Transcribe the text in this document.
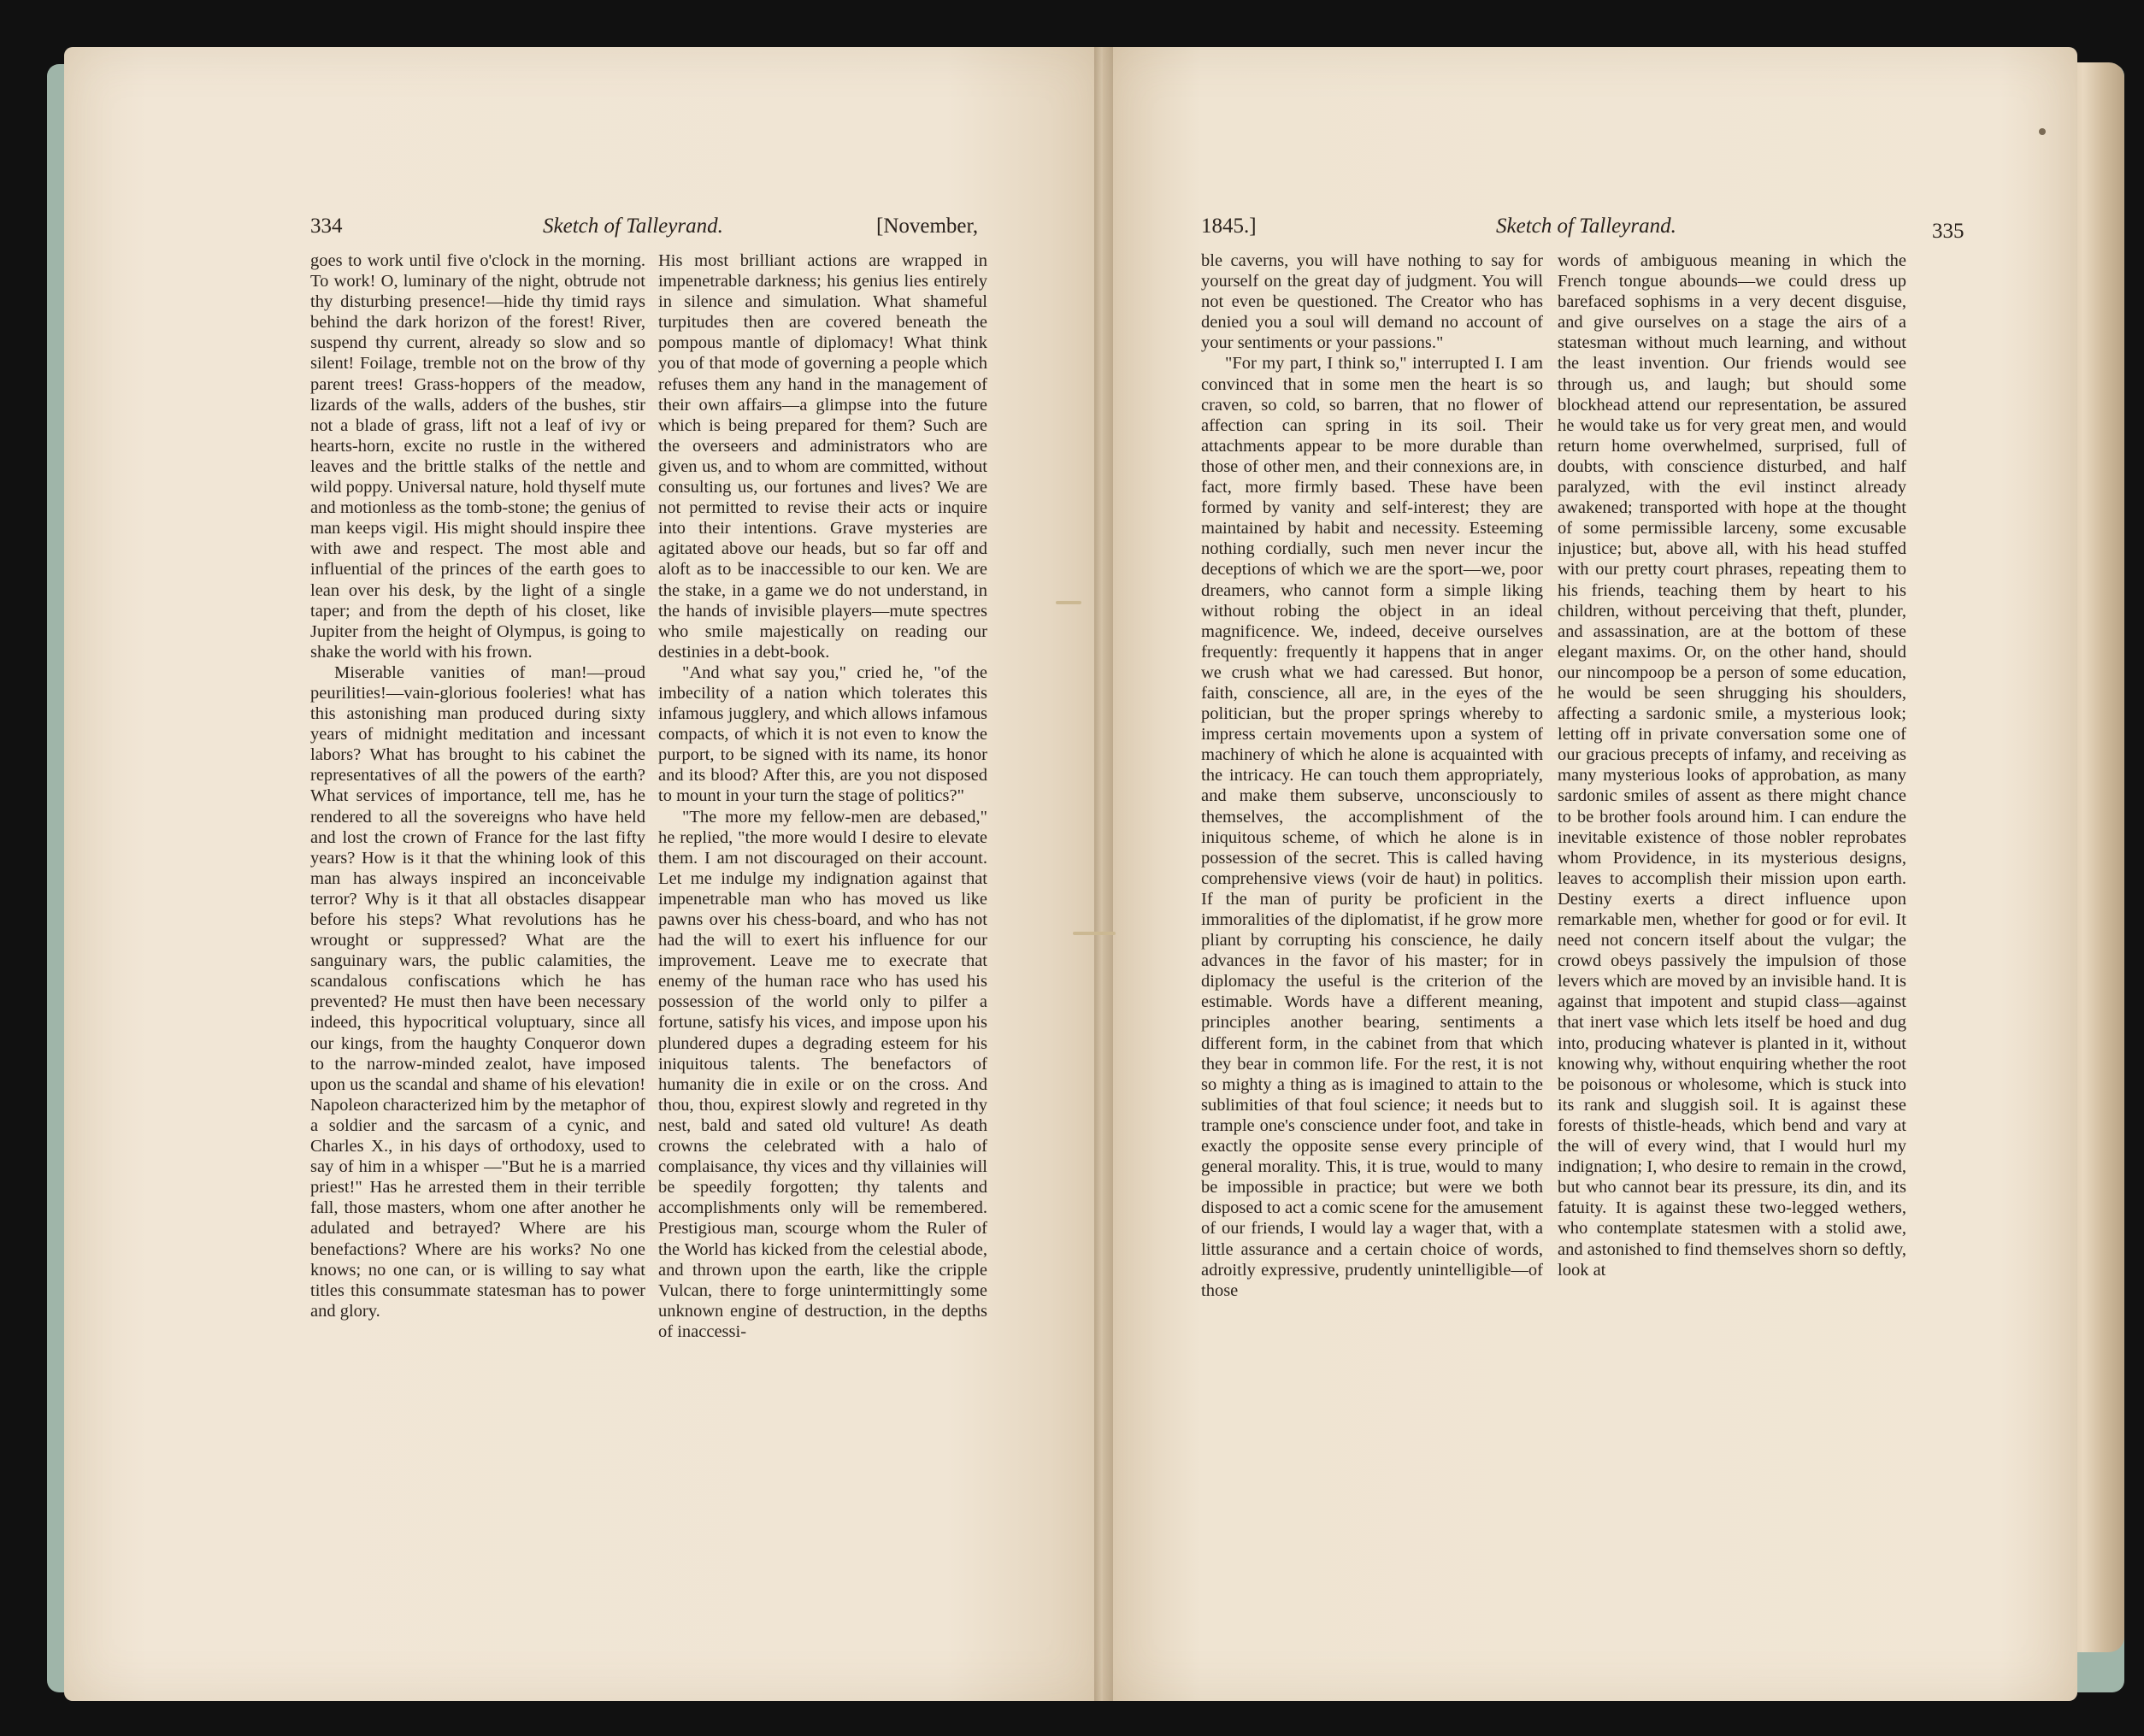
334	Sketch of Talleyrand.	[November,

goes to work until five o'clock in the morning. To work! O, luminary of the night, obtrude not thy disturbing presence!—hide thy timid rays behind the dark horizon of the forest! River, suspend thy current, already so slow and so silent! Foilage, tremble not on the brow of thy parent trees! Grass-hoppers of the meadow, lizards of the walls, adders of the bushes, stir not a blade of grass, lift not a leaf of ivy or hearts-horn, excite no rustle in the withered leaves and the brittle stalks of the nettle and wild poppy. Universal nature, hold thyself mute and motionless as the tomb-stone; the genius of man keeps vigil. His might should inspire thee with awe and respect. The most able and influential of the princes of the earth goes to lean over his desk, by the light of a single taper; and from the depth of his closet, like Jupiter from the height of Olympus, is going to shake the world with his frown.

Miserable vanities of man!—proud peurilities!—vain-glorious fooleries! what has this astonishing man produced during sixty years of midnight meditation and incessant labors? What has brought to his cabinet the representatives of all the powers of the earth? What services of importance, tell me, has he rendered to all the sovereigns who have held and lost the crown of France for the last fifty years? How is it that the whining look of this man has always inspired an inconceivable terror? Why is it that all obstacles disappear before his steps? What revolutions has he wrought or suppressed? What are the sanguinary wars, the public calamities, the scandalous confiscations which he has prevented? He must then have been necessary indeed, this hypocritical voluptuary, since all our kings, from the haughty Conqueror down to the narrow-minded zealot, have imposed upon us the scandal and shame of his elevation! Napoleon characterized him by the metaphor of a soldier and the sarcasm of a cynic, and Charles X., in his days of orthodoxy, used to say of him in a whisper —"But he is a married priest!" Has he arrested them in their terrible fall, those masters, whom one after another he adulated and betrayed? Where are his benefactions? Where are his works? No one knows; no one can, or is willing to say what titles this consummate statesman has to power and glory.

His most brilliant actions are wrapped in impenetrable darkness; his genius lies entirely in silence and simulation. What shameful turpitudes then are covered beneath the pompous mantle of diplomacy! What think you of that mode of governing a people which refuses them any hand in the management of their own affairs—a glimpse into the future which is being prepared for them? Such are the overseers and administrators who are given us, and to whom are committed, without consulting us, our fortunes and lives? We are not permitted to revise their acts or inquire into their intentions. Grave mysteries are agitated above our heads, but so far off and aloft as to be inaccessible to our ken. We are the stake, in a game we do not understand, in the hands of invisible players—mute spectres who smile majestically on reading our destinies in a debt-book.

"And what say you," cried he, "of the imbecility of a nation which tolerates this infamous jugglery, and which allows infamous compacts, of which it is not even to know the purport, to be signed with its name, its honor and its blood? After this, are you not disposed to mount in your turn the stage of politics?"

"The more my fellow-men are debased," he replied, "the more would I desire to elevate them. I am not discouraged on their account. Let me indulge my indignation against that impenetrable man who has moved us like pawns over his chess-board, and who has not had the will to exert his influence for our improvement. Leave me to execrate that enemy of the human race who has used his possession of the world only to pilfer a fortune, satisfy his vices, and impose upon his plundered dupes a degrading esteem for his iniquitous talents. The benefactors of humanity die in exile or on the cross. And thou, thou, expirest slowly and regreted in thy nest, bald and sated old vulture! As death crowns the celebrated with a halo of complaisance, thy vices and thy villainies will be speedily forgotten; thy talents and accomplishments only will be remembered. Prestigious man, scourge whom the Ruler of the World has kicked from the celestial abode, and thrown upon the earth, like the cripple Vulcan, there to forge unintermittingly some unknown engine of destruction, in the depths of inaccessi-

1845.]	Sketch of Talleyrand.	335

ble caverns, you will have nothing to say for yourself on the great day of judgment. You will not even be questioned. The Creator who has denied you a soul will demand no account of your sentiments or your passions."

"For my part, I think so," interrupted I. I am convinced that in some men the heart is so craven, so cold, so barren, that no flower of affection can spring in its soil. Their attachments appear to be more durable than those of other men, and their connexions are, in fact, more firmly based. These have been formed by vanity and self-interest; they are maintained by habit and necessity. Esteeming nothing cordially, such men never incur the deceptions of which we are the sport—we, poor dreamers, who cannot form a simple liking without robing the object in an ideal magnificence. We, indeed, deceive ourselves frequently: frequently it happens that in anger we crush what we had caressed. But honor, faith, conscience, all are, in the eyes of the politician, but the proper springs whereby to impress certain movements upon a system of machinery of which he alone is acquainted with the intricacy. He can touch them appropriately, and make them subserve, unconsciously to themselves, the accomplishment of the iniquitous scheme, of which he alone is in possession of the secret. This is called having comprehensive views (voir de haut) in politics. If the man of purity be proficient in the immoralities of the diplomatist, if he grow more pliant by corrupting his conscience, he daily advances in the favor of his master; for in diplomacy the useful is the criterion of the estimable. Words have a different meaning, principles another bearing, sentiments a different form, in the cabinet from that which they bear in common life. For the rest, it is not so mighty a thing as is imagined to attain to the sublimities of that foul science; it needs but to trample one's conscience under foot, and take in exactly the opposite sense every principle of general morality. This, it is true, would to many be impossible in practice; but were we both disposed to act a comic scene for the amusement of our friends, I would lay a wager that, with a little assurance and a certain choice of words, adroitly expressive, prudently unintelligible—of those

words of ambiguous meaning in which the French tongue abounds—we could dress up barefaced sophisms in a very decent disguise, and give ourselves on a stage the airs of a statesman without much learning, and without the least invention. Our friends would see through us, and laugh; but should some blockhead attend our representation, be assured he would take us for very great men, and would return home overwhelmed, surprised, full of doubts, with conscience disturbed, and half paralyzed, with the evil instinct already awakened; transported with hope at the thought of some permissible larceny, some excusable injustice; but, above all, with his head stuffed with our pretty court phrases, repeating them to his friends, teaching them by heart to his children, without perceiving that theft, plunder, and assassination, are at the bottom of these elegant maxims. Or, on the other hand, should our nincompoop be a person of some education, he would be seen shrugging his shoulders, affecting a sardonic smile, a mysterious look; letting off in private conversation some one of our gracious precepts of infamy, and receiving as many mysterious looks of approbation, as many sardonic smiles of assent as there might chance to be brother fools around him. I can endure the inevitable existence of those nobler reprobates whom Providence, in its mysterious designs, leaves to accomplish their mission upon earth. Destiny exerts a direct influence upon remarkable men, whether for good or for evil. It need not concern itself about the vulgar; the crowd obeys passively the impulsion of those levers which are moved by an invisible hand. It is against that impotent and stupid class—against that inert vase which lets itself be hoed and dug into, producing whatever is planted in it, without knowing why, without enquiring whether the root be poisonous or wholesome, which is stuck into its rank and sluggish soil. It is against these forests of thistle-heads, which bend and vary at the will of every wind, that I would hurl my indignation; I, who desire to remain in the crowd, but who cannot bear its pressure, its din, and its fatuity. It is against these two-legged wethers, who contemplate statesmen with a stolid awe, and astonished to find themselves shorn so deftly, look at
